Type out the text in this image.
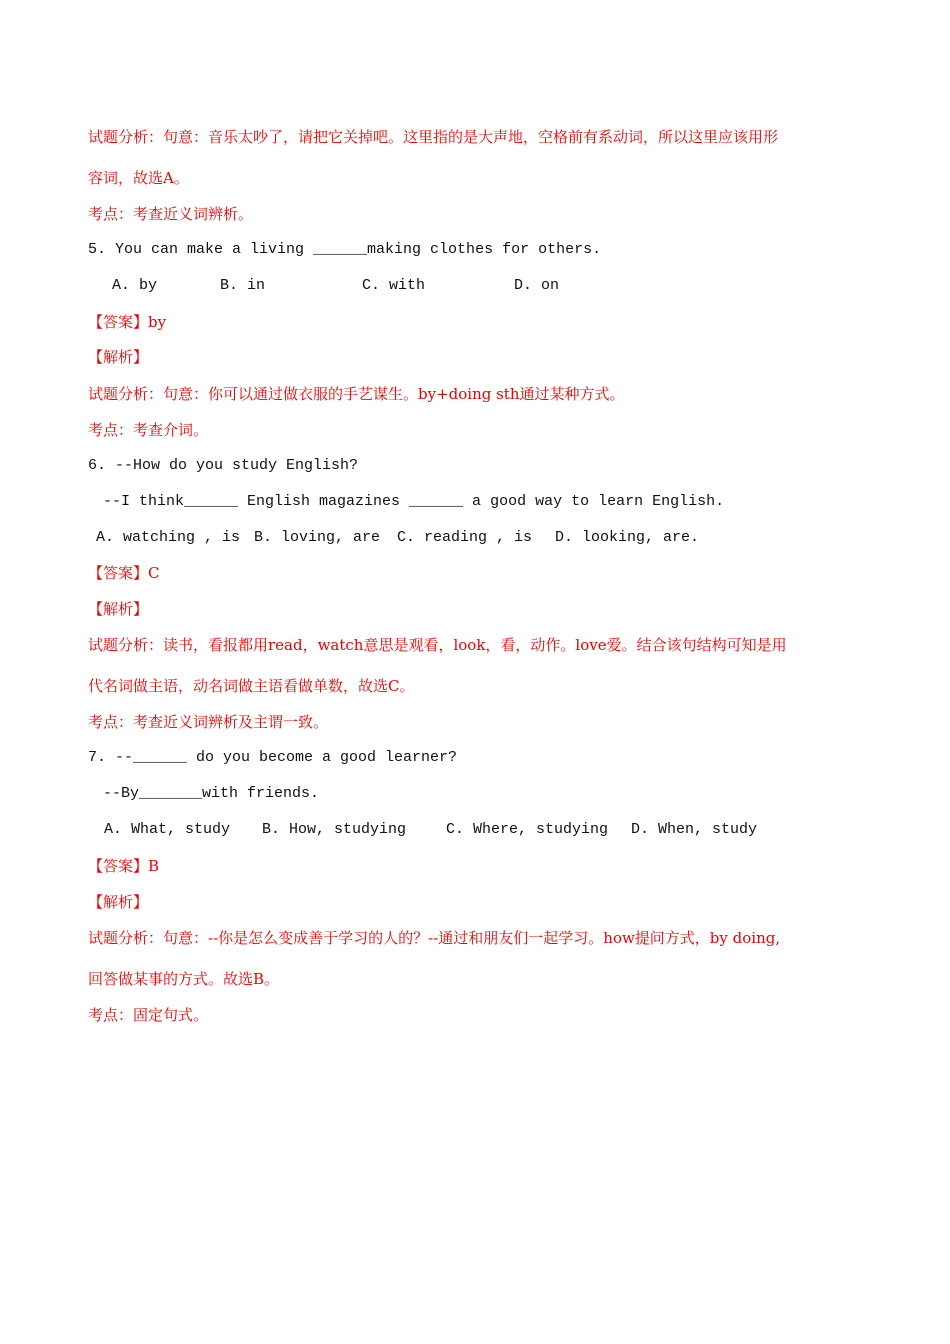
试题分析：句意：音乐太吵了，请把它关掉吧。这里指的是大声地，空格前有系动词，所以这里应该用形
容词，故选A。
考点：考查近义词辨析。
5. You can make a living ______making clothes for others.
A. by	B. in	C. with	D. on
【答案】by
【解析】
试题分析：句意：你可以通过做衣服的手艺谋生。by+doing sth通过某种方式。
考点：考查介词。
6. --How do you study English?
--I think______ English magazines ______ a good way to learn English.
A. watching , is B. loving, are C. reading , is D. looking, are.
【答案】C
【解析】
试题分析：读书，看报都用read，watch意思是观看，look，看，动作。love爱。结合该句结构可知是用
代名词做主语，动名词做主语看做单数，故选C。
考点：考查近义词辨析及主谓一致。
7. --______ do you become a good learner?
--By_______with friends.
A. What, study B. How, studying	C. Where, studying D. When, study
【答案】B
【解析】
试题分析：句意：--你是怎么变成善于学习的人的？--通过和朋友们一起学习。how提问方式，by doing,
回答做某事的方式。故选B。
考点：固定句式。
